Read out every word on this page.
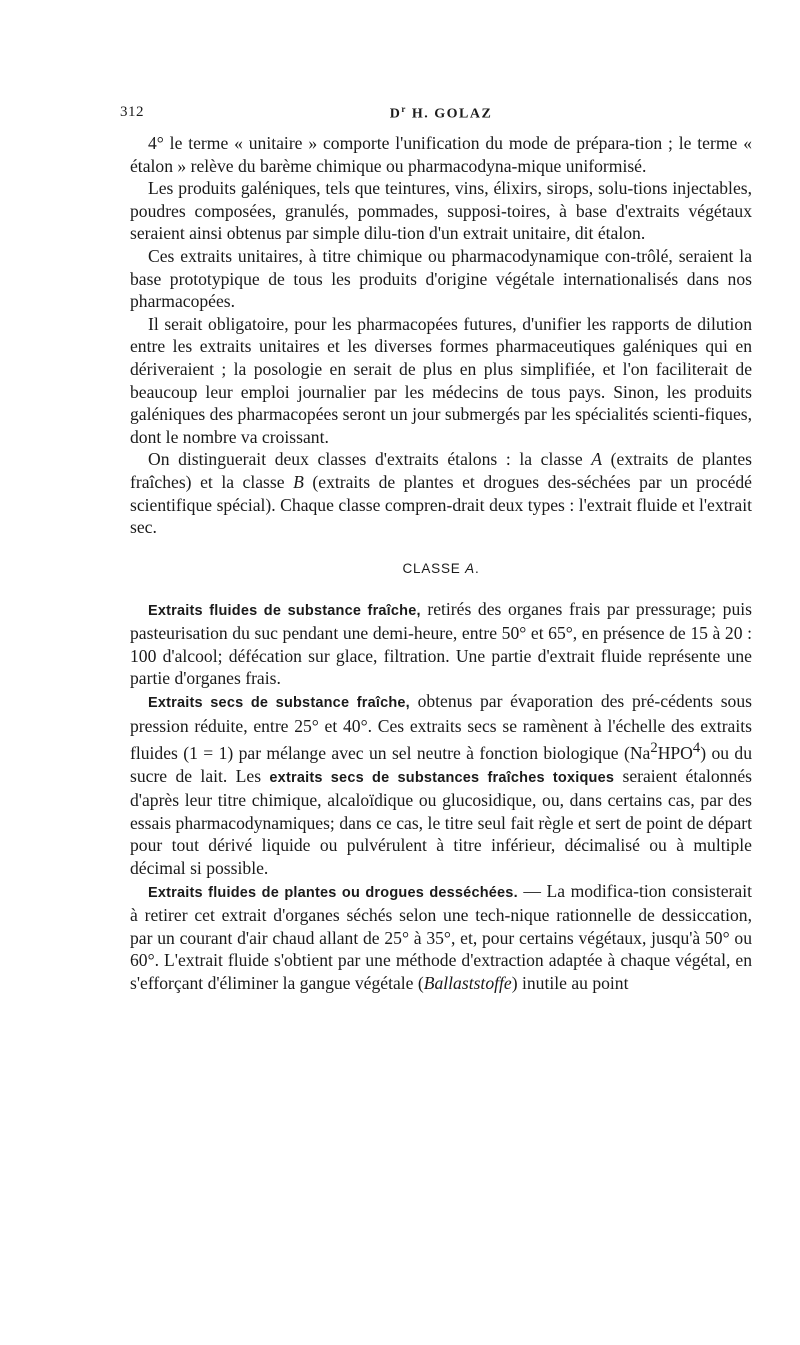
312	$D^r$ H. GOLAZ

4° le terme « unitaire » comporte l'unification du mode de prépara-tion ; le terme « étalon » relève du barème chimique ou pharmacodyna-mique uniformisé.

Les produits galéniques, tels que teintures, vins, élixirs, sirops, solu-tions injectables, poudres composées, granulés, pommades, supposi-toires, à base d'extraits végétaux seraient ainsi obtenus par simple dilu-tion d'un extrait unitaire, dit étalon.

Ces extraits unitaires, à titre chimique ou pharmacodynamique con-trôlé, seraient la base prototypique de tous les produits d'origine végétale internationalisés dans nos pharmacopées.

Il serait obligatoire, pour les pharmacopées futures, d'unifier les rapports de dilution entre les extraits unitaires et les diverses formes pharmaceutiques galéniques qui en dériveraient ; la posologie en serait de plus en plus simplifiée, et l'on faciliterait de beaucoup leur emploi journalier par les médecins de tous pays. Sinon, les produits galéniques des pharmacopées seront un jour submergés par les spécialités scienti-fiques, dont le nombre va croissant.

On distinguerait deux classes d'extraits étalons : la classe A (extraits de plantes fraîches) et la classe B (extraits de plantes et drogues des-séchées par un procédé scientifique spécial). Chaque classe compren-drait deux types : l'extrait fluide et l'extrait sec.

CLASSE A.

Extraits fluides de substance fraîche, retirés des organes frais par pressurage; puis pasteurisation du suc pendant une demi-heure, entre 50° et 65°, en présence de 15 à 20 : 100 d'alcool; défécation sur glace, filtration. Une partie d'extrait fluide représente une partie d'organes frais.

Extraits secs de substance fraîche, obtenus par évaporation des pré-cédents sous pression réduite, entre 25° et 40°. Ces extraits secs se ramènent à l'échelle des extraits fluides (1 = 1) par mélange avec un sel neutre à fonction biologique (Na$^2$HPO$^4$) ou du sucre de lait. Les extraits secs de substances fraîches toxiques seraient étalonnés d'après leur titre chimique, alcaloïdique ou glucosidique, ou, dans certains cas, par des essais pharmacodynamiques; dans ce cas, le titre seul fait règle et sert de point de départ pour tout dérivé liquide ou pulvérulent à titre inférieur, décimalisé ou à multiple décimal si possible.

Extraits fluides de plantes ou drogues desséchées. — La modifica-tion consisterait à retirer cet extrait d'organes séchés selon une tech-nique rationnelle de dessiccation, par un courant d'air chaud allant de 25° à 35°, et, pour certains végétaux, jusqu'à 50° ou 60°. L'extrait fluide s'obtient par une méthode d'extraction adaptée à chaque végétal, en s'efforçant d'éliminer la gangue végétale (Ballaststoffe) inutile au point
